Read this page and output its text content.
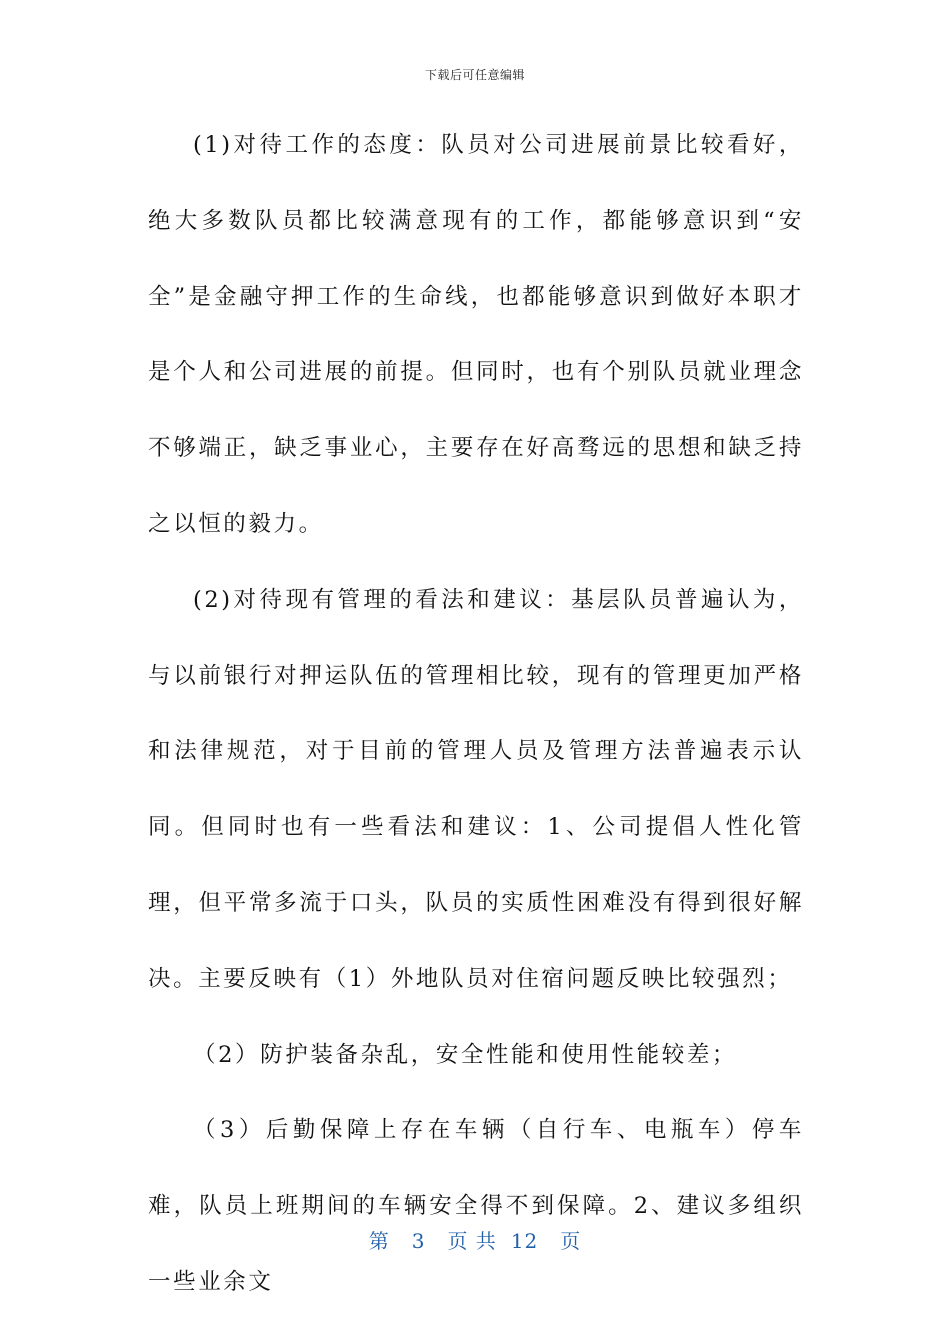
下载后可任意编辑

(1)对待工作的态度：队员对公司进展前景比较看好，绝大多数队员都比较满意现有的工作，都能够意识到“安全”是金融守押工作的生命线，也都能够意识到做好本职才是个人和公司进展的前提。但同时，也有个别队员就业理念不够端正，缺乏事业心，主要存在好高骛远的思想和缺乏持之以恒的毅力。

(2)对待现有管理的看法和建议：基层队员普遍认为，与以前银行对押运队伍的管理相比较，现有的管理更加严格和法律规范，对于目前的管理人员及管理方法普遍表示认同。但同时也有一些看法和建议：1、公司提倡人性化管理，但平常多流于口头，队员的实质性困难没有得到很好解决。主要反映有（1）外地队员对住宿问题反映比较强烈；

（2）防护装备杂乱，安全性能和使用性能较差；

（3）后勤保障上存在车辆（自行车、电瓶车）停车难，队员上班期间的车辆安全得不到保障。2、建议多组织一些业余文

第 3 页 共 12 页
